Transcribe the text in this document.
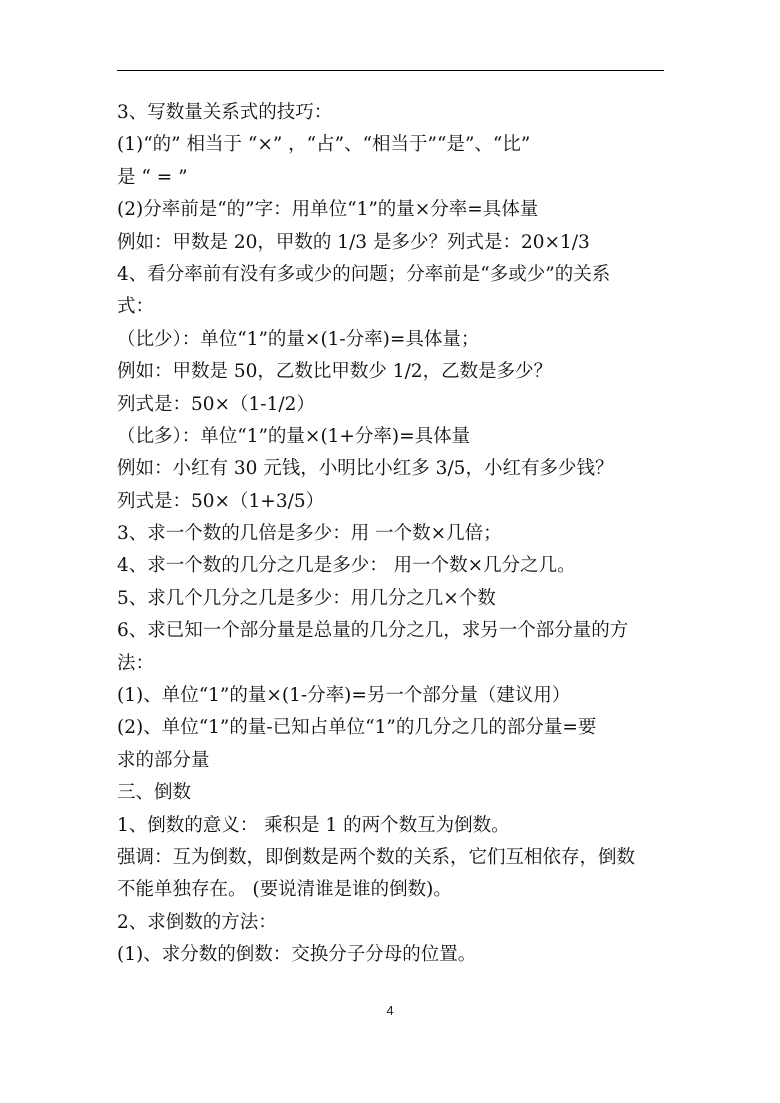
3、写数量关系式的技巧：
(1)“的” 相当于 “×” ，“占”、“相当于”“是”、“比”
是 “ = ”
(2)分率前是“的”字：用单位“1”的量×分率=具体量
例如：甲数是 20，甲数的 1/3 是多少？列式是：20×1/3
4、看分率前有没有多或少的问题；分率前是“多或少”的关系
式：
（比少）：单位“1”的量×(1-分率)=具体量；
例如：甲数是 50，乙数比甲数少 1/2，乙数是多少？
列式是：50×（1-1/2）
（比多）：单位“1”的量×(1+分率)=具体量
例如：小红有 30 元钱，小明比小红多 3/5，小红有多少钱？
列式是：50×（1+3/5）
3、求一个数的几倍是多少：用 一个数×几倍；
4、求一个数的几分之几是多少： 用一个数×几分之几。
5、求几个几分之几是多少：用几分之几×个数
6、求已知一个部分量是总量的几分之几，求另一个部分量的方
法：
(1)、单位“1”的量×(1-分率)=另一个部分量（建议用）
(2)、单位“1”的量-已知占单位“1”的几分之几的部分量=要
求的部分量
三、倒数
1、倒数的意义： 乘积是 1 的两个数互为倒数。
强调：互为倒数，即倒数是两个数的关系，它们互相依存，倒数
不能单独存在。 (要说清谁是谁的倒数)。
2、求倒数的方法：
(1)、求分数的倒数：交换分子分母的位置。
4
